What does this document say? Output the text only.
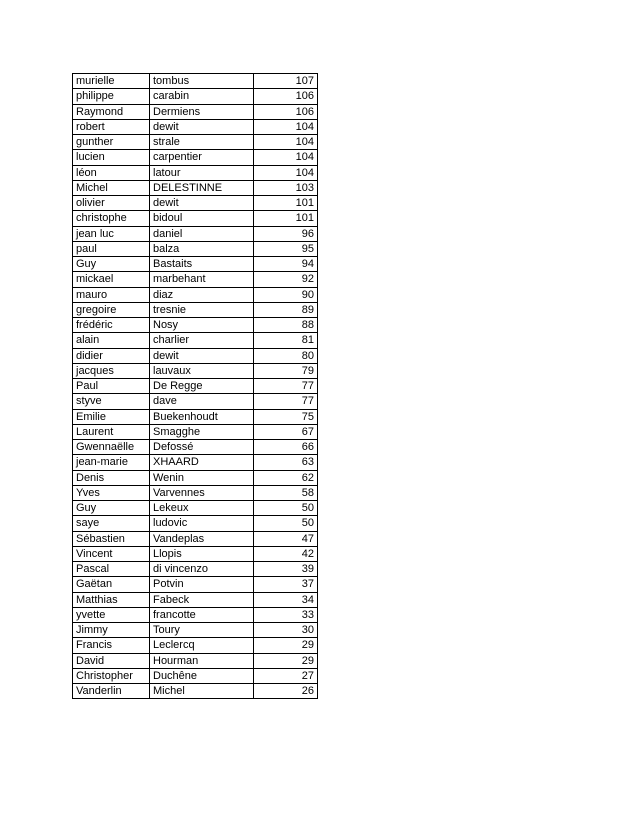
murielle	tombus	107
philippe	carabin	106
Raymond	Dermiens	106
robert	dewit	104
gunther	strale	104
lucien	carpentier	104
léon	latour	104
Michel	DELESTINNE	103
olivier	dewit	101
christophe	bidoul	101
jean luc	daniel	96
paul	balza	95
Guy	Bastaits	94
mickael	marbehant	92
mauro	diaz	90
gregoire	tresnie	89
frédéric	Nosy	88
alain	charlier	81
didier	dewit	80
jacques	lauvaux	79
Paul	De Regge	77
styve	dave	77
Emilie	Buekenhoudt	75
Laurent	Smagghe	67
Gwennaëlle	Defossé	66
jean-marie	XHAARD	63
Denis	Wenin	62
Yves	Varvennes	58
Guy	Lekeux	50
saye	ludovic	50
Sébastien	Vandeplas	47
Vincent	Llopis	42
Pascal	di vincenzo	39
Gaëtan	Potvin	37
Matthias	Fabeck	34
yvette	francotte	33
Jimmy	Toury	30
Francis	Leclercq	29
David	Hourman	29
Christopher	Duchêne	27
Vanderlin	Michel	26
